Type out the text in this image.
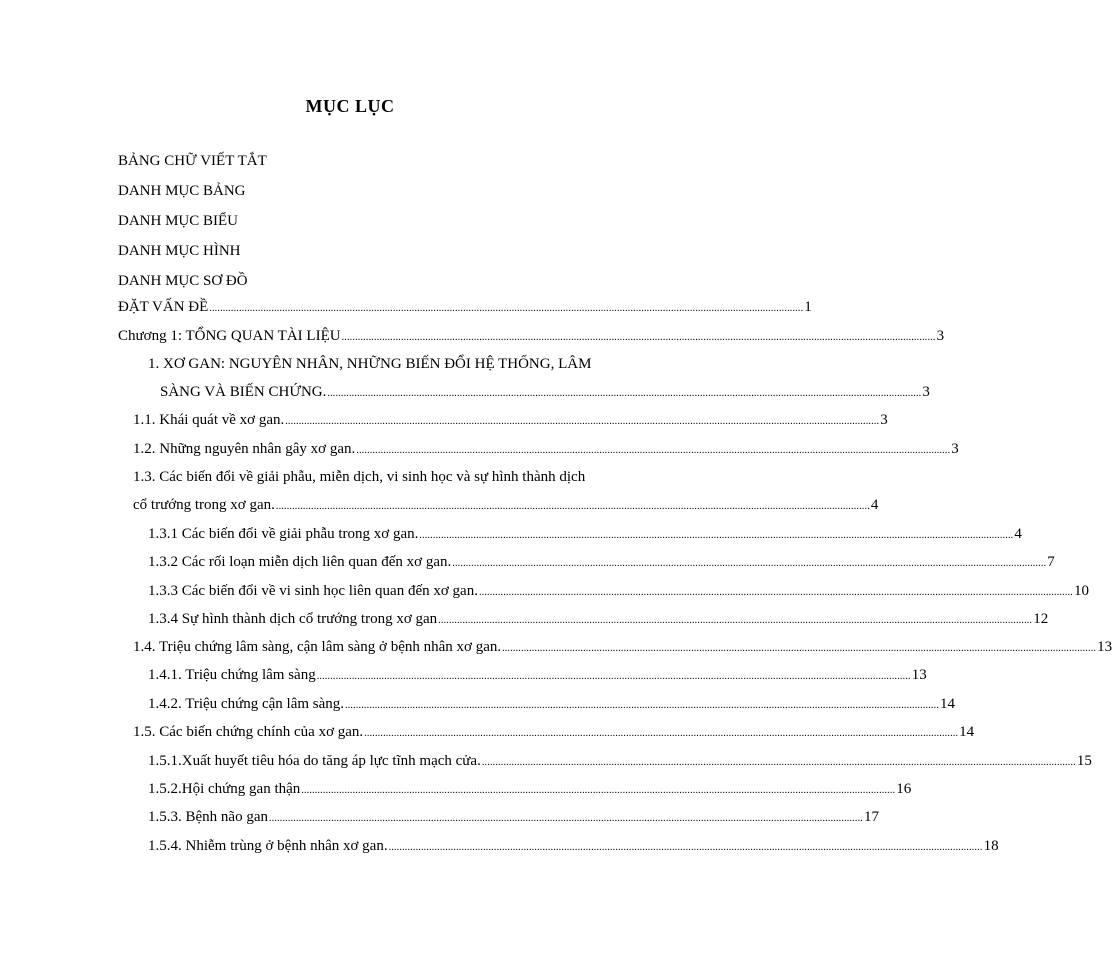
MỤC LỤC
BẢNG CHỮ VIẾT TẮT
DANH MỤC BẢNG
DANH MỤC BIỂU
DANH MỤC HÌNH
DANH MỤC SƠ ĐỒ
ĐẶT VẤN ĐỀ ............................................................................................................................................................................................................................ 1
Chương 1: TỔNG QUAN TÀI LIỆU ............................................................................................................................................................................................................................ 3
1. XƠ GAN: NGUYÊN NHÂN, NHỮNG BIẾN ĐỔI HỆ THỐNG, LÂM
SÀNG VÀ BIẾN CHỨNG. ............................................................................................................................................................................................................................ 3
1.1. Khái quát về xơ gan. ............................................................................................................................................................................................................................ 3
1.2. Những nguyên nhân gây xơ gan. ............................................................................................................................................................................................................................ 3
1.3. Các biến đổi về giải phẫu, miễn dịch, vi sinh học và sự hình thành dịch
cổ trướng trong xơ gan. ............................................................................................................................................................................................................................ 4
1.3.1 Các biến đổi về giải phẫu trong xơ gan. ............................................................................................................................................................................................................................ 4
1.3.2 Các rối loạn miễn dịch liên quan đến xơ gan. ............................................................................................................................................................................................................................ 7
1.3.3 Các biến đổi về vi sinh học liên quan đến xơ gan. ............................................................................................................................................................................................................................ 10
1.3.4 Sự hình thành dịch cổ trướng trong xơ gan ............................................................................................................................................................................................................................ 12
1.4. Triệu chứng lâm sàng, cận lâm sàng ở bệnh nhân xơ gan. ............................................................................................................................................................................................................................ 13
1.4.1. Triệu chứng lâm sàng ............................................................................................................................................................................................................................ 13
1.4.2. Triệu chứng cận lâm sàng. ............................................................................................................................................................................................................................ 14
1.5. Các biến chứng chính của xơ gan. ............................................................................................................................................................................................................................ 14
1.5.1.Xuất huyết tiêu hóa do tăng áp lực tĩnh mạch cửa. ............................................................................................................................................................................................................................ 15
1.5.2.Hội chứng gan thận ............................................................................................................................................................................................................................ 16
1.5.3. Bệnh não gan ............................................................................................................................................................................................................................ 17
1.5.4. Nhiễm trùng ở bệnh nhân xơ gan. ............................................................................................................................................................................................................................ 18
